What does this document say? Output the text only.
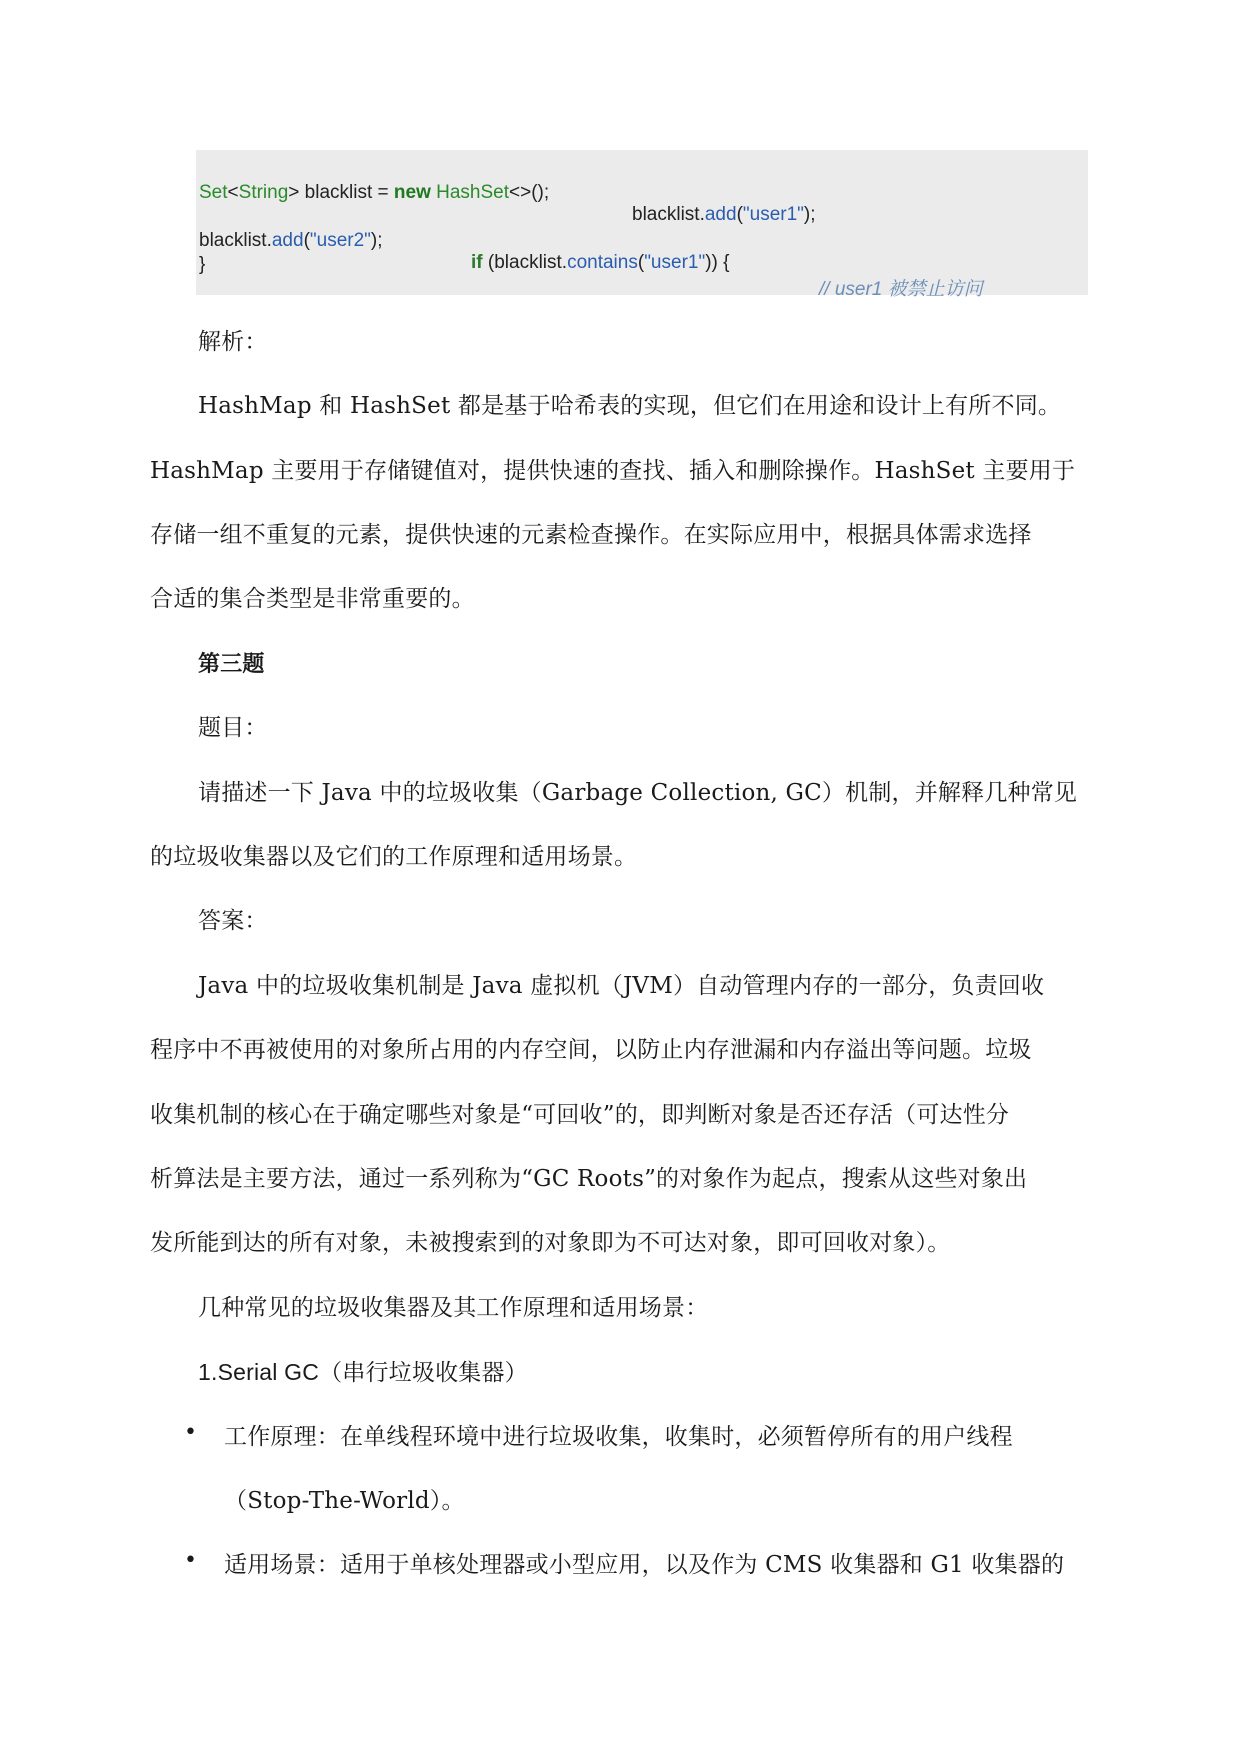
Set<String> blacklist = new HashSet<>();

blacklist.add("user1");

blacklist.add("user2");

if (blacklist.contains("user1")) {

// user1 被禁止访问

}
解析：
HashMap 和 HashSet 都是基于哈希表的实现，但它们在用途和设计上有所不同。
HashMap 主要用于存储键值对，提供快速的查找、插入和删除操作。HashSet 主要用于
存储一组不重复的元素，提供快速的元素检查操作。在实际应用中，根据具体需求选择
合适的集合类型是非常重要的。
第三题
题目：
请描述一下 Java 中的垃圾收集（Garbage Collection, GC）机制，并解释几种常见
的垃圾收集器以及它们的工作原理和适用场景。
答案：
Java 中的垃圾收集机制是 Java 虚拟机（JVM）自动管理内存的一部分，负责回收
程序中不再被使用的对象所占用的内存空间，以防止内存泄漏和内存溢出等问题。垃圾
收集机制的核心在于确定哪些对象是“可回收”的，即判断对象是否还存活（可达性分
析算法是主要方法，通过一系列称为“GC Roots”的对象作为起点，搜索从这些对象出
发所能到达的所有对象，未被搜索到的对象即为不可达对象，即可回收对象）。
几种常见的垃圾收集器及其工作原理和适用场景：
1.Serial GC（串行垃圾收集器）
• 工作原理：在单线程环境中进行垃圾收集，收集时，必须暂停所有的用户线程
（Stop-The-World）。
• 适用场景：适用于单核处理器或小型应用，以及作为 CMS 收集器和 G1 收集器的
